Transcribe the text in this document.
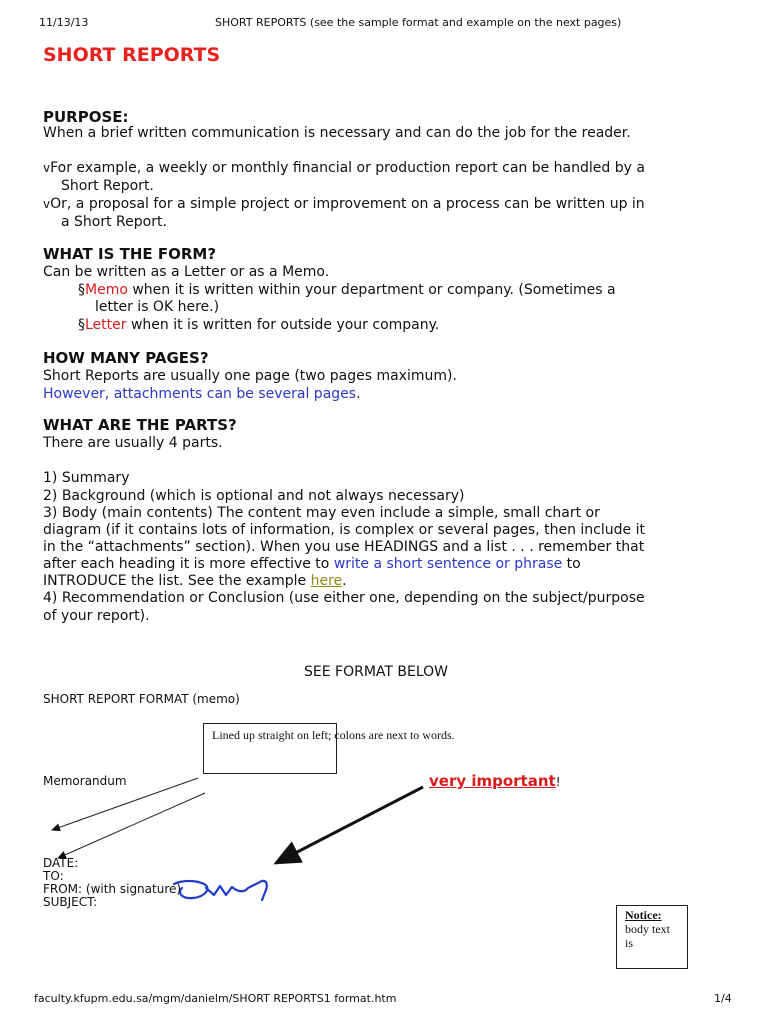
11/13/13	SHORT REPORTS (see the sample format and example on the next pages)
SHORT REPORTS
PURPOSE:
When a brief written communication is necessary and can do the job for the reader.
vFor example, a weekly or monthly financial or production report can be handled by a
Short Report.
vOr, a proposal for a simple project or improvement on a process can be written up in
a Short Report.
WHAT IS THE FORM?
Can be written as a Letter or as a Memo.
§Memo when it is written within your department or company. (Sometimes a
letter is OK here.)
§Letter when it is written for outside your company.
HOW MANY PAGES?
Short Reports are usually one page (two pages maximum).
However, attachments can be several pages.
WHAT ARE THE PARTS?
There are usually 4 parts.
1) Summary
2) Background (which is optional and not always necessary)
3) Body (main contents) The content may even include a simple, small chart or
diagram (if it contains lots of information, is complex or several pages, then include it
in the “attachments” section). When you use HEADINGS and a list . . . remember that
after each heading it is more effective to write a short sentence or phrase to
INTRODUCE the list. See the example here.
4) Recommendation or Conclusion (use either one, depending on the subject/purpose
of your report).
SEE FORMAT BELOW
SHORT REPORT FORMAT (memo)
Lined up straight on left; colons are next to words.
Memorandum	very important!
DATE:
TO:
FROM: (with signature)
SUBJECT:
Notice:
body text
is
faculty.kfupm.edu.sa/mgm/danielm/SHORT REPORTS1 format.htm	1/4
